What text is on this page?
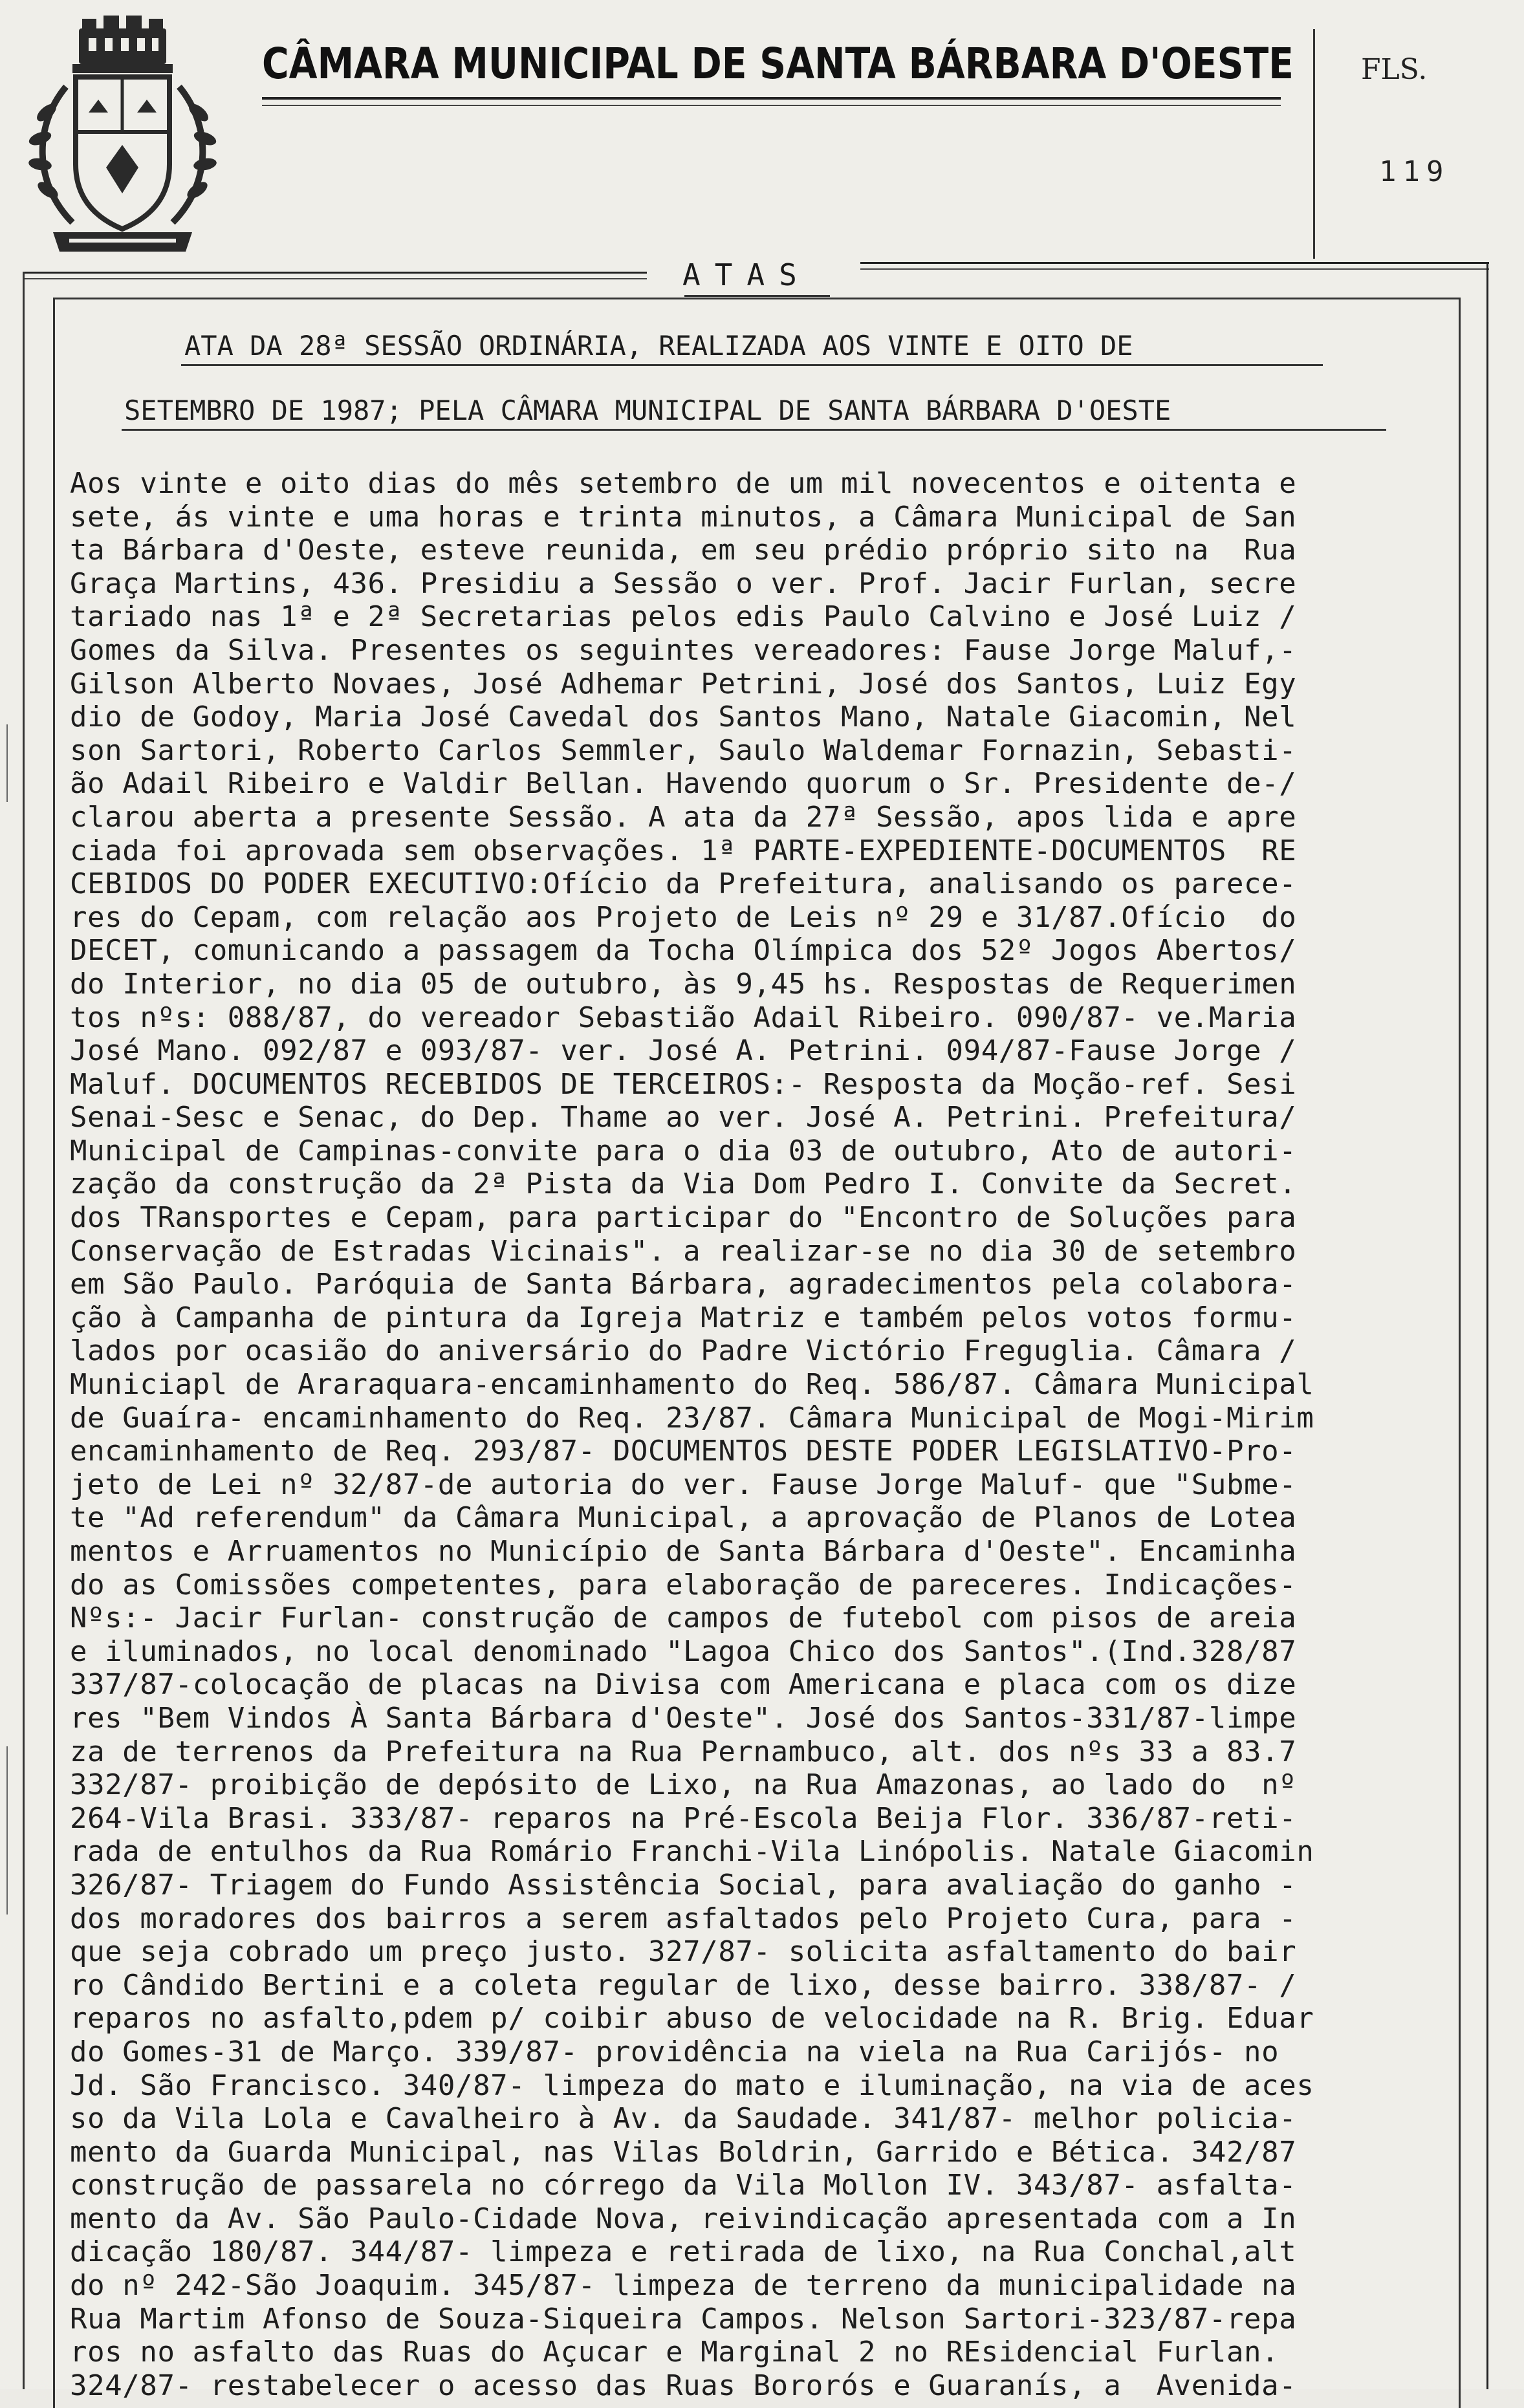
CÂMARA MUNICIPAL DE SANTA BÁRBARA D'OESTE FLS.
119
ATAS
ATA DA 28ª SESSÃO ORDINÁRIA, REALIZADA AOS VINTE E OITO DE
SETEMBRO DE 1987; PELA CÂMARA MUNICIPAL DE SANTA BÁRBARA D'OESTE
Aos vinte e oito dias do mês setembro de um mil novecentos e oitenta e
sete, ás vinte e uma horas e trinta minutos, a Câmara Municipal de San
ta Bárbara d'Oeste, esteve reunida, em seu prédio próprio sito na  Rua
Graça Martins, 436. Presidiu a Sessão o ver. Prof. Jacir Furlan, secre
tariado nas 1ª e 2ª Secretarias pelos edis Paulo Calvino e José Luiz /
Gomes da Silva. Presentes os seguintes vereadores: Fause Jorge Maluf,-
Gilson Alberto Novaes, José Adhemar Petrini, José dos Santos, Luiz Egy
dio de Godoy, Maria José Cavedal dos Santos Mano, Natale Giacomin, Nel
son Sartori, Roberto Carlos Semmler, Saulo Waldemar Fornazin, Sebasti-
ão Adail Ribeiro e Valdir Bellan. Havendo quorum o Sr. Presidente de-/
clarou aberta a presente Sessão. A ata da 27ª Sessão, apos lida e apre
ciada foi aprovada sem observações. 1ª PARTE-EXPEDIENTE-DOCUMENTOS  RE
CEBIDOS DO PODER EXECUTIVO:Ofício da Prefeitura, analisando os parece-
res do Cepam, com relação aos Projeto de Leis nº 29 e 31/87.Ofício  do
DECET, comunicando a passagem da Tocha Olímpica dos 52º Jogos Abertos/
do Interior, no dia 05 de outubro, às 9,45 hs. Respostas de Requerimen
tos nºs: 088/87, do vereador Sebastião Adail Ribeiro. 090/87- ve.Maria
José Mano. 092/87 e 093/87- ver. José A. Petrini. 094/87-Fause Jorge /
Maluf. DOCUMENTOS RECEBIDOS DE TERCEIROS:- Resposta da Moção-ref. Sesi
Senai-Sesc e Senac, do Dep. Thame ao ver. José A. Petrini. Prefeitura/
Municipal de Campinas-convite para o dia 03 de outubro, Ato de autori-
zação da construção da 2ª Pista da Via Dom Pedro I. Convite da Secret.
dos TRansportes e Cepam, para participar do "Encontro de Soluções para
Conservação de Estradas Vicinais". a realizar-se no dia 30 de setembro
em São Paulo. Paróquia de Santa Bárbara, agradecimentos pela colabora-
ção à Campanha de pintura da Igreja Matriz e também pelos votos formu-
lados por ocasião do aniversário do Padre Victório Freguglia. Câmara /
Municiapl de Araraquara-encaminhamento do Req. 586/87. Câmara Municipal
de Guaíra- encaminhamento do Req. 23/87. Câmara Municipal de Mogi-Mirim
encaminhamento de Req. 293/87- DOCUMENTOS DESTE PODER LEGISLATIVO-Pro-
jeto de Lei nº 32/87-de autoria do ver. Fause Jorge Maluf- que "Subme-
te "Ad referendum" da Câmara Municipal, a aprovação de Planos de Lotea
mentos e Arruamentos no Município de Santa Bárbara d'Oeste". Encaminha
do as Comissões competentes, para elaboração de pareceres. Indicações-
Nºs:- Jacir Furlan- construção de campos de futebol com pisos de areia
e iluminados, no local denominado "Lagoa Chico dos Santos".(Ind.328/87
337/87-colocação de placas na Divisa com Americana e placa com os dize
res "Bem Vindos À Santa Bárbara d'Oeste". José dos Santos-331/87-limpe
za de terrenos da Prefeitura na Rua Pernambuco, alt. dos nºs 33 a 83.7
332/87- proibição de depósito de Lixo, na Rua Amazonas, ao lado do  nº
264-Vila Brasi. 333/87- reparos na Pré-Escola Beija Flor. 336/87-reti-
rada de entulhos da Rua Romário Franchi-Vila Linópolis. Natale Giacomin
326/87- Triagem do Fundo Assistência Social, para avaliação do ganho -
dos moradores dos bairros a serem asfaltados pelo Projeto Cura, para -
que seja cobrado um preço justo. 327/87- solicita asfaltamento do bair
ro Cândido Bertini e a coleta regular de lixo, desse bairro. 338/87- /
reparos no asfalto,pdem p/ coibir abuso de velocidade na R. Brig. Eduar
do Gomes-31 de Março. 339/87- providência na viela na Rua Carijós- no
Jd. São Francisco. 340/87- limpeza do mato e iluminação, na via de aces
so da Vila Lola e Cavalheiro à Av. da Saudade. 341/87- melhor policia-
mento da Guarda Municipal, nas Vilas Boldrin, Garrido e Bética. 342/87
construção de passarela no córrego da Vila Mollon IV. 343/87- asfalta-
mento da Av. São Paulo-Cidade Nova, reivindicação apresentada com a In
dicação 180/87. 344/87- limpeza e retirada de lixo, na Rua Conchal,alt
do nº 242-São Joaquim. 345/87- limpeza de terreno da municipalidade na
Rua Martim Afonso de Souza-Siqueira Campos. Nelson Sartori-323/87-repa
ros no asfalto das Ruas do Açucar e Marginal 2 no REsidencial Furlan.
324/87- restabelecer o acesso das Ruas Bororós e Guaranís, a  Avenida-
